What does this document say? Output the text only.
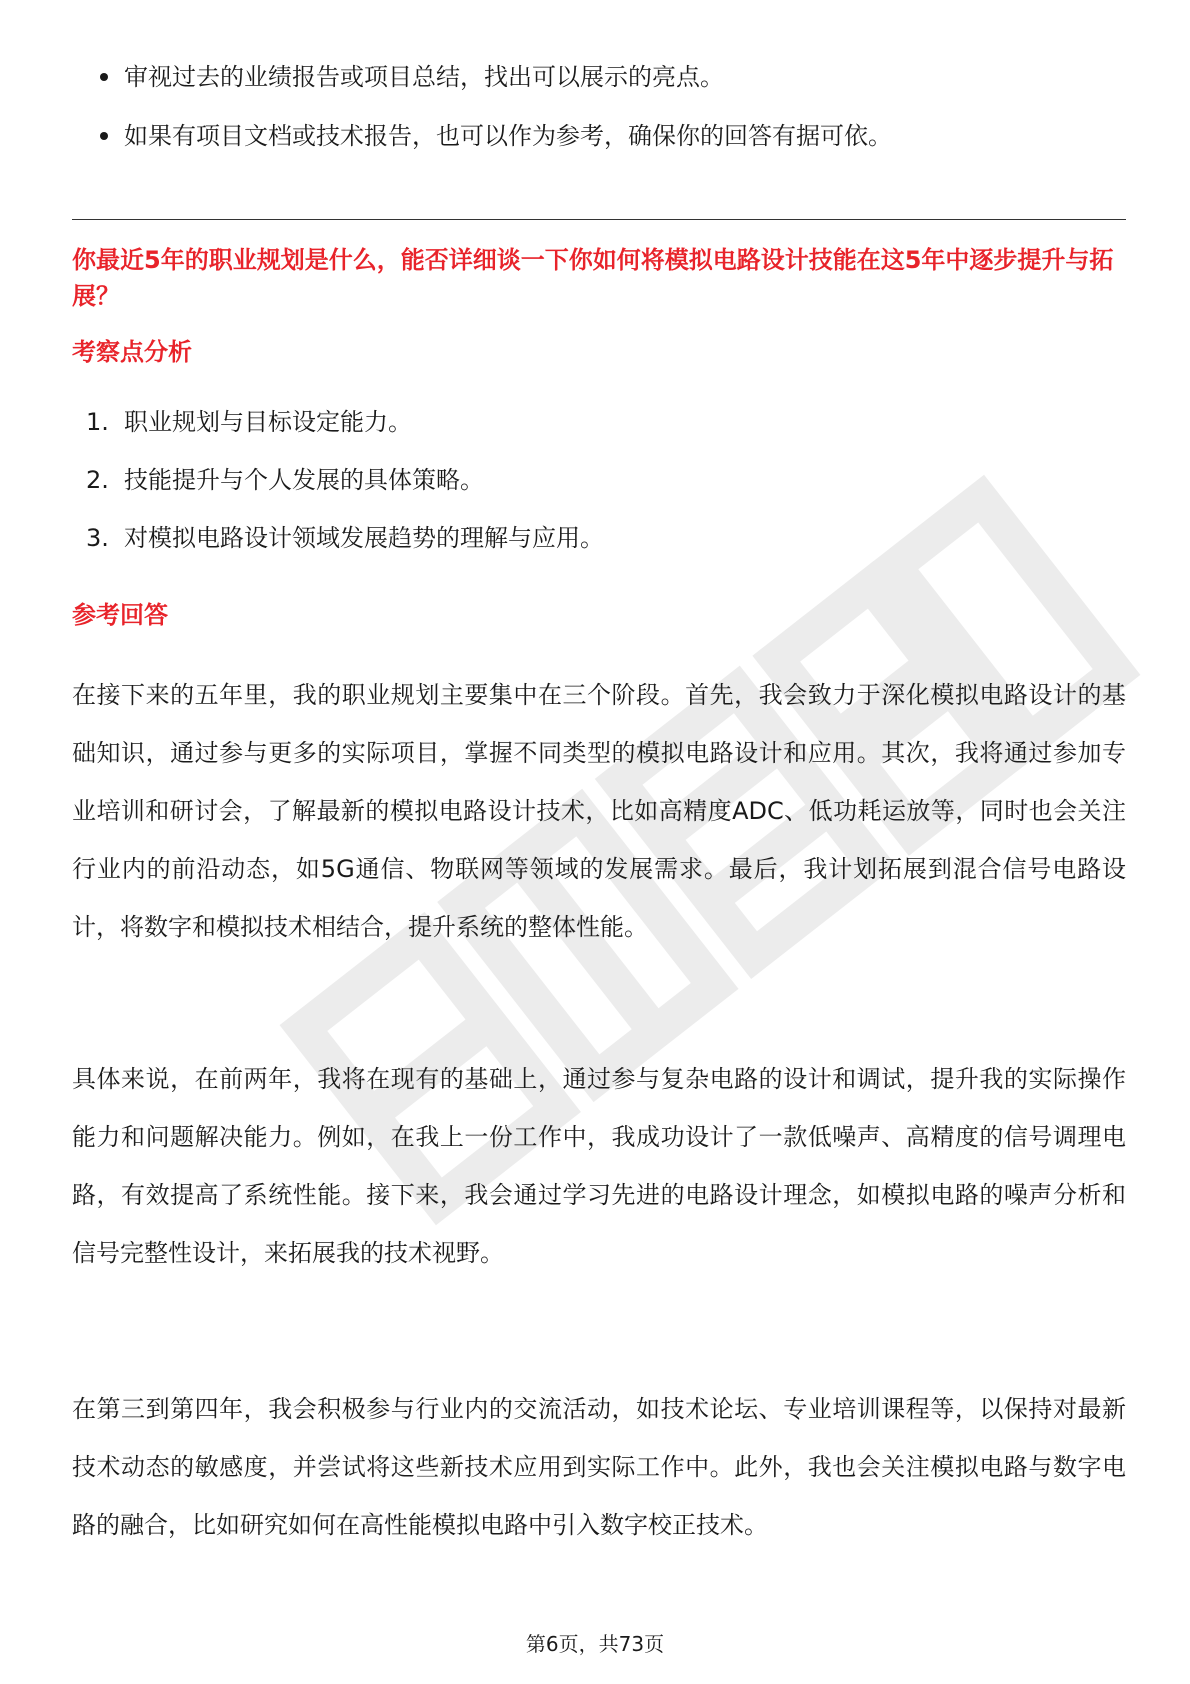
审视过去的业绩报告或项目总结，找出可以展示的亮点。
如果有项目文档或技术报告，也可以作为参考，确保你的回答有据可依。
你最近5年的职业规划是什么，能否详细谈一下你如何将模拟电路设计技能在这5年中逐步提升与拓展？
考察点分析
1. 职业规划与目标设定能力。
2. 技能提升与个人发展的具体策略。
3. 对模拟电路设计领域发展趋势的理解与应用。
参考回答

在接下来的五年里，我的职业规划主要集中在三个阶段。首先，我会致力于深化模拟电路设计的基础知识，通过参与更多的实际项目，掌握不同类型的模拟电路设计和应用。其次，我将通过参加专业培训和研讨会，了解最新的模拟电路设计技术，比如高精度ADC、低功耗运放等，同时也会关注行业内的前沿动态，如5G通信、物联网等领域的发展需求。最后，我计划拓展到混合信号电路设计，将数字和模拟技术相结合，提升系统的整体性能。

具体来说，在前两年，我将在现有的基础上，通过参与复杂电路的设计和调试，提升我的实际操作能力和问题解决能力。例如，在我上一份工作中，我成功设计了一款低噪声、高精度的信号调理电路，有效提高了系统性能。接下来，我会通过学习先进的电路设计理念，如模拟电路的噪声分析和信号完整性设计，来拓展我的技术视野。

在第三到第四年，我会积极参与行业内的交流活动，如技术论坛、专业培训课程等，以保持对最新技术动态的敏感度，并尝试将这些新技术应用到实际工作中。此外，我也会关注模拟电路与数字电路的融合，比如研究如何在高性能模拟电路中引入数字校正技术。

第6页，共73页
